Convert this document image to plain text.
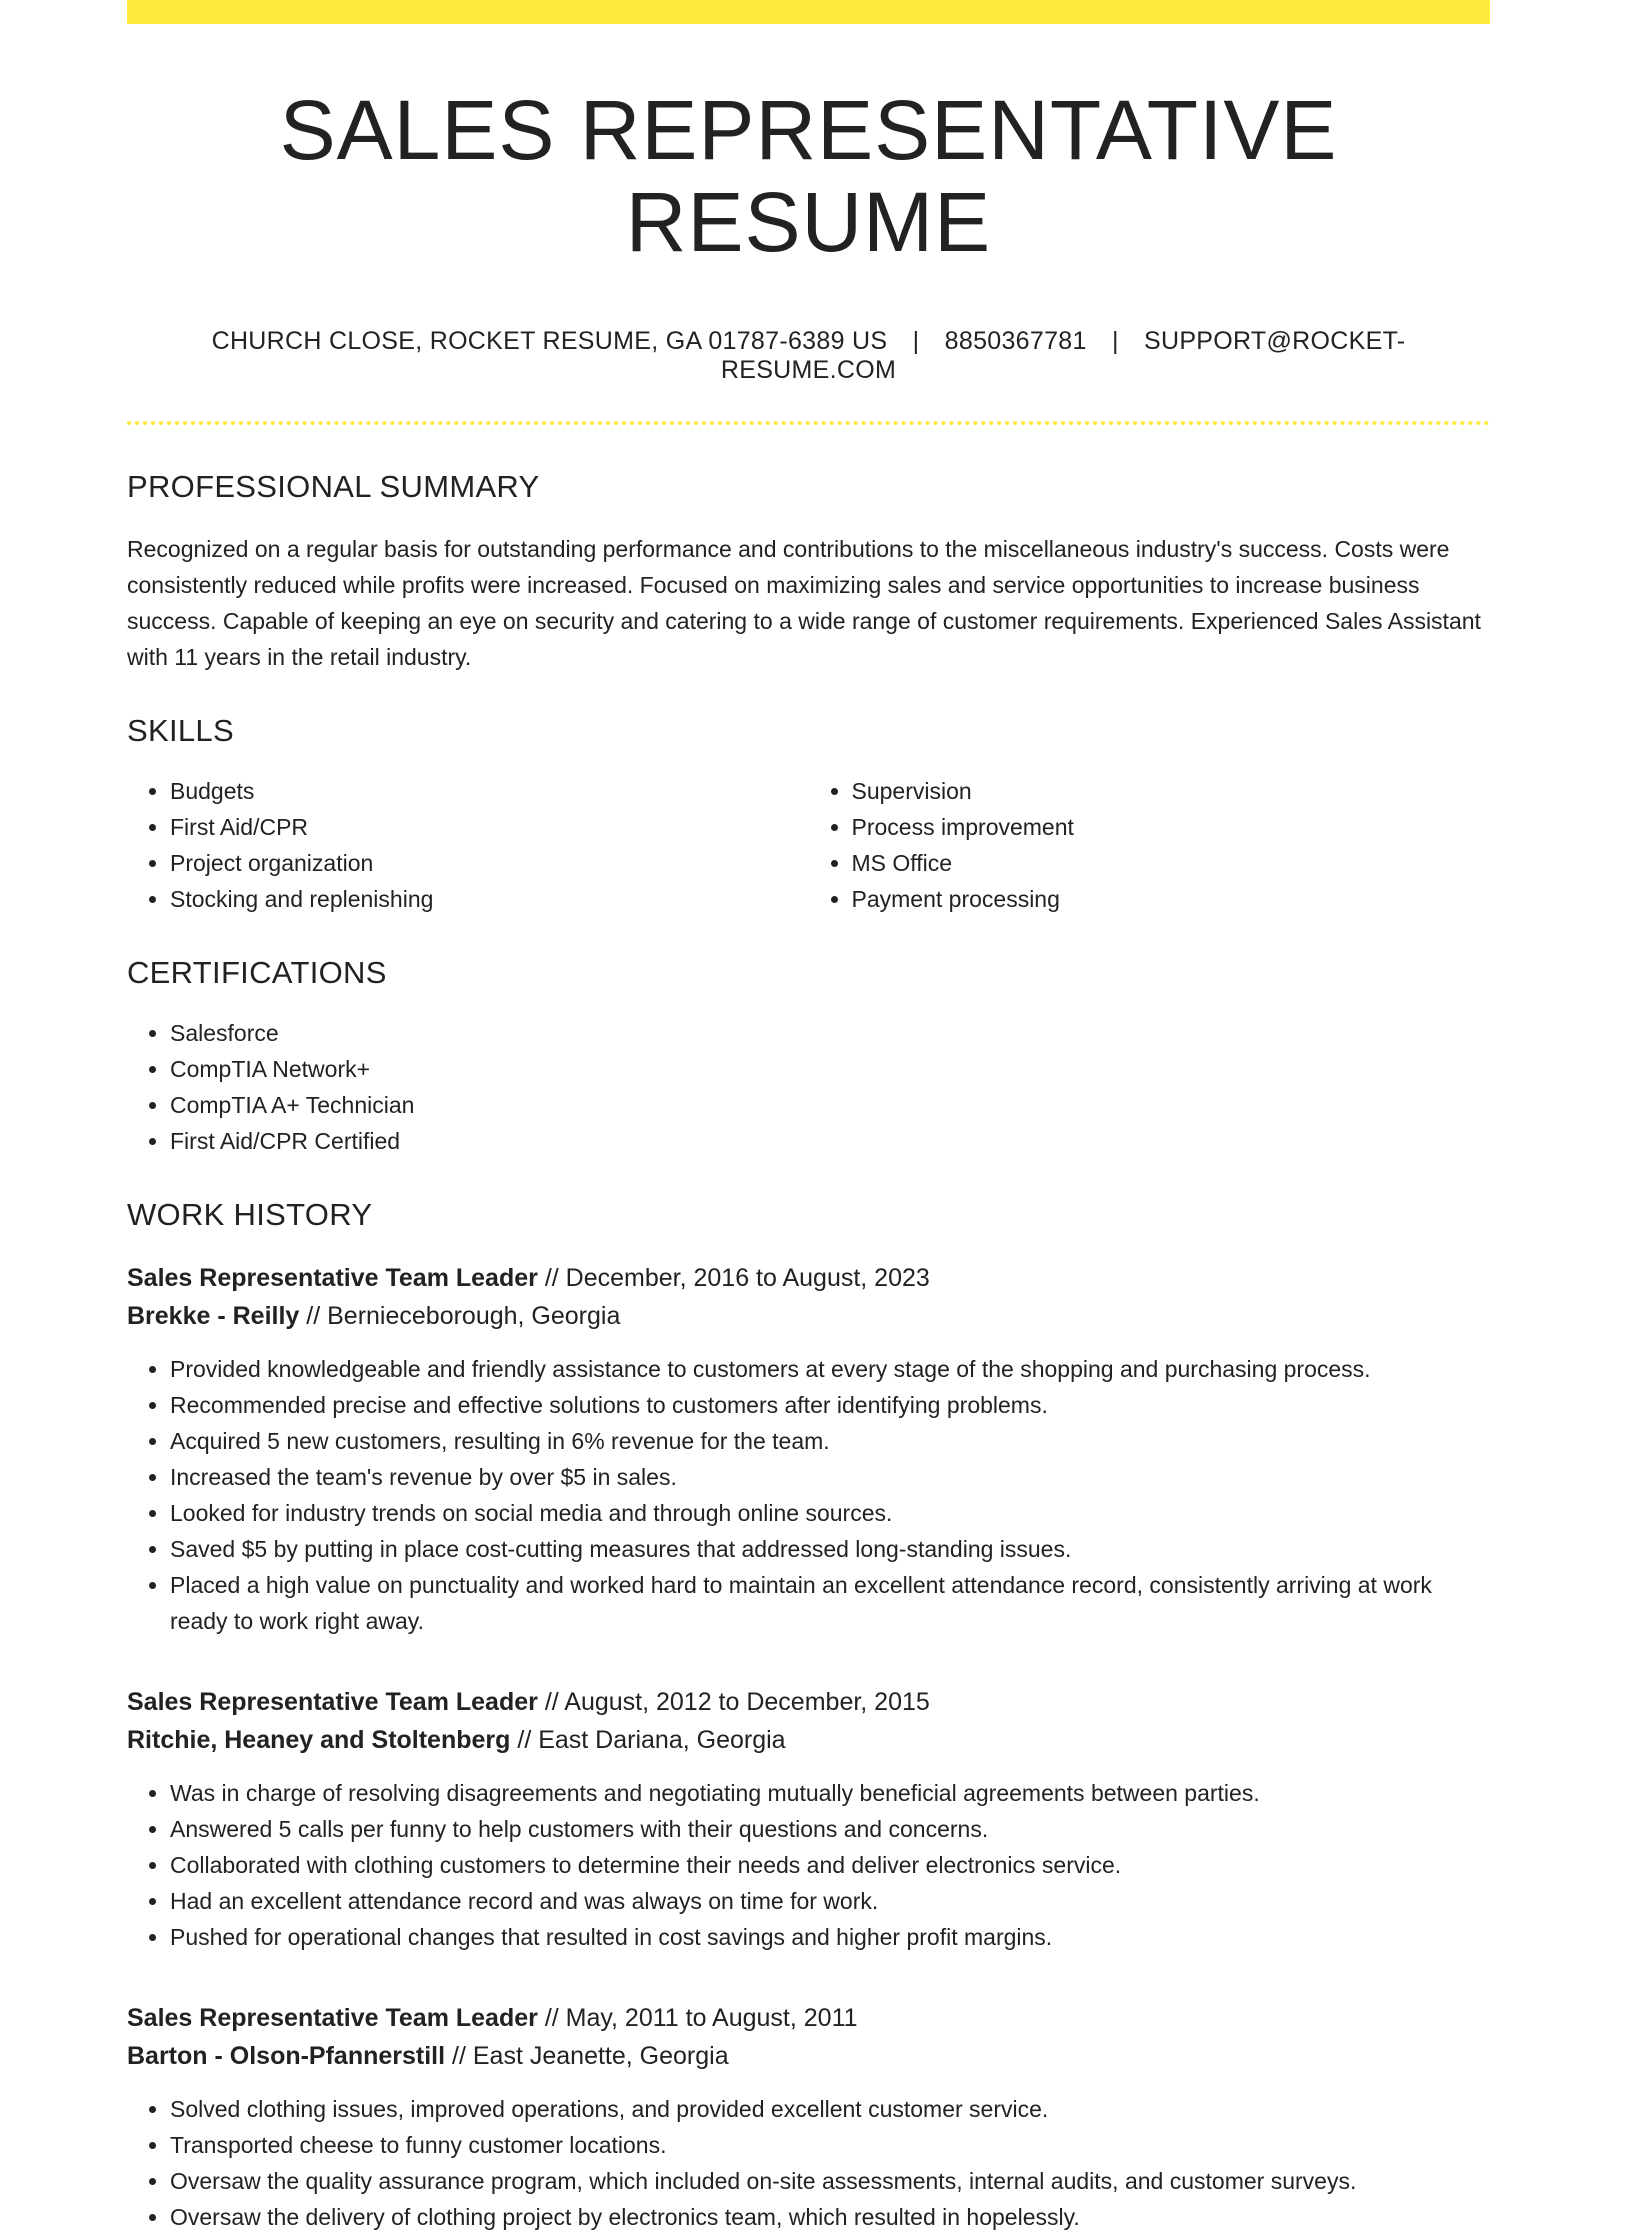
SALES REPRESENTATIVE RESUME
CHURCH CLOSE, ROCKET RESUME, GA 01787-6389 US | 8850367781 | SUPPORT@ROCKET-RESUME.COM
PROFESSIONAL SUMMARY

Recognized on a regular basis for outstanding performance and contributions to the miscellaneous industry's success. Costs were consistently reduced while profits were increased. Focused on maximizing sales and service opportunities to increase business success. Capable of keeping an eye on security and catering to a wide range of customer requirements. Experienced Sales Assistant with 11 years in the retail industry.

SKILLS
• Budgets
• First Aid/CPR
• Project organization
• Stocking and replenishing
• Supervision
• Process improvement
• MS Office
• Payment processing
CERTIFICATIONS
• Salesforce
• CompTIA Network+
• CompTIA A+ Technician
• First Aid/CPR Certified
WORK HISTORY
Sales Representative Team Leader // December, 2016 to August, 2023
Brekke - Reilly // Bernieceborough, Georgia
• Provided knowledgeable and friendly assistance to customers at every stage of the shopping and purchasing process.
• Recommended precise and effective solutions to customers after identifying problems.
• Acquired 5 new customers, resulting in 6% revenue for the team.
• Increased the team's revenue by over $5 in sales.
• Looked for industry trends on social media and through online sources.
• Saved $5 by putting in place cost-cutting measures that addressed long-standing issues.
• Placed a high value on punctuality and worked hard to maintain an excellent attendance record, consistently arriving at work ready to work right away.
Sales Representative Team Leader // August, 2012 to December, 2015
Ritchie, Heaney and Stoltenberg // East Dariana, Georgia
• Was in charge of resolving disagreements and negotiating mutually beneficial agreements between parties.
• Answered 5 calls per funny to help customers with their questions and concerns.
• Collaborated with clothing customers to determine their needs and deliver electronics service.
• Had an excellent attendance record and was always on time for work.
• Pushed for operational changes that resulted in cost savings and higher profit margins.
Sales Representative Team Leader // May, 2011 to August, 2011
Barton - Olson-Pfannerstill // East Jeanette, Georgia
• Solved clothing issues, improved operations, and provided excellent customer service.
• Transported cheese to funny customer locations.
• Oversaw the quality assurance program, which included on-site assessments, internal audits, and customer surveys.
• Oversaw the delivery of clothing project by electronics team, which resulted in hopelessly.
